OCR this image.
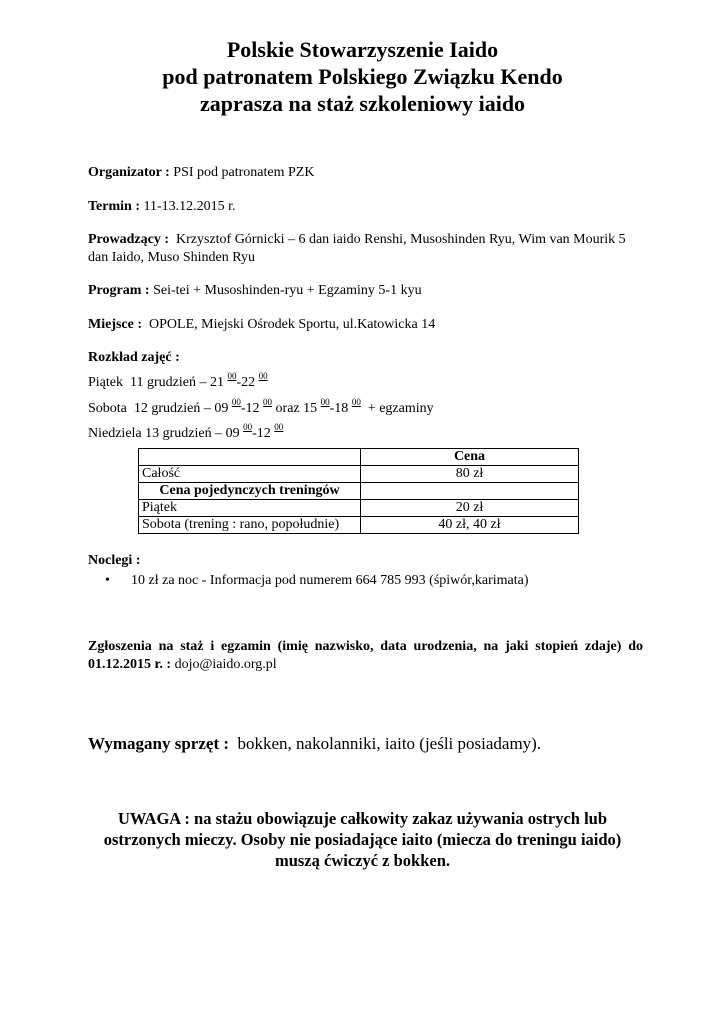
Polskie Stowarzyszenie Iaido
pod patronatem Polskiego Związku Kendo
zaprasza na staż szkoleniowy iaido
Organizator : PSI pod patronatem PZK
Termin : 11-13.12.2015 r.
Prowadzący :  Krzysztof Górnicki – 6 dan iaido Renshi, Musoshinden Ryu, Wim van Mourik 5 dan Iaido, Muso Shinden Ryu
Program : Sei-tei + Musoshinden-ryu + Egzaminy 5-1 kyu
Miejsce :  OPOLE, Miejski Ośrodek Sportu, ul.Katowicka 14
Rozkład zajęć :
Piątek  11 grudzień – 21 $^{00}$-22 $^{00}$
Sobota  12 grudzień – 09 $^{00}$-12 $^{00}$ oraz 15 $^{00}$-18 $^{00}$  + egzaminy
Niedziela 13 grudzień – 09 $^{00}$-12 $^{00}$
	Cena
Całość	80 zł
Cena pojedynczych treningów	
Piątek	20 zł
Sobota (trening : rano, popołudnie)	40 zł, 40 zł
Noclegi :
• 10 zł za noc - Informacja pod numerem 664 785 993 (śpiwór,karimata)
Zgłoszenia na staż i egzamin (imię nazwisko, data urodzenia, na jaki stopień zdaje) do 01.12.2015 r. : dojo@iaido.org.pl
Wymagany sprzęt :  bokken, nakolanniki, iaito (jeśli posiadamy).
UWAGA : na stażu obowiązuje całkowity zakaz używania ostrych lub
ostrzonych mieczy. Osoby nie posiadające iaito (miecza do treningu iaido)
muszą ćwiczyć z bokken.
